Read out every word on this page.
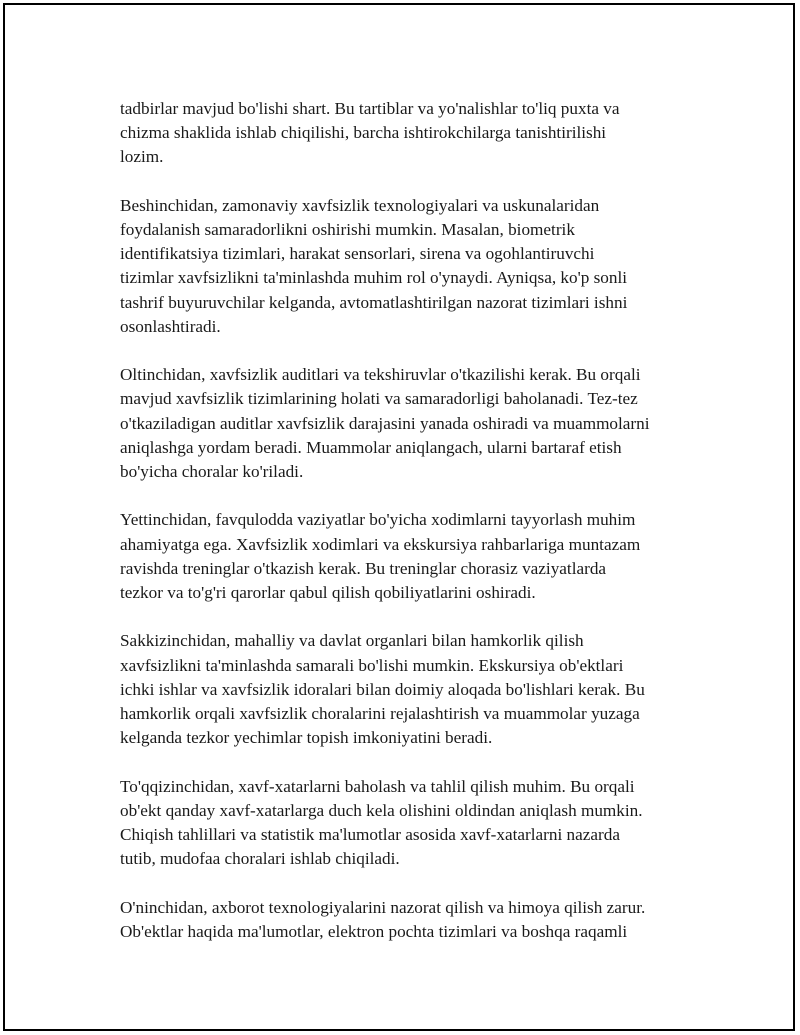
tadbirlar mavjud bo'lishi shart. Bu tartiblar va yo'nalishlar to'liq puxta va
chizma shaklida ishlab chiqilishi, barcha ishtirokchilarga tanishtirilishi
lozim.

Beshinchidan, zamonaviy xavfsizlik texnologiyalari va uskunalaridan
foydalanish samaradorlikni oshirishi mumkin. Masalan, biometrik
identifikatsiya tizimlari, harakat sensorlari, sirena va ogohlantiruvchi
tizimlar xavfsizlikni ta'minlashda muhim rol o'ynaydi. Ayniqsa, ko'p sonli
tashrif buyuruvchilar kelganda, avtomatlashtirilgan nazorat tizimlari ishni
osonlashtiradi.

Oltinchidan, xavfsizlik auditlari va tekshiruvlar o'tkazilishi kerak. Bu orqali
mavjud xavfsizlik tizimlarining holati va samaradorligi baholanadi. Tez-tez
o'tkaziladigan auditlar xavfsizlik darajasini yanada oshiradi va muammolarni
aniqlashga yordam beradi. Muammolar aniqlangach, ularni bartaraf etish
bo'yicha choralar ko'riladi.

Yettinchidan, favqulodda vaziyatlar bo'yicha xodimlarni tayyorlash muhim
ahamiyatga ega. Xavfsizlik xodimlari va ekskursiya rahbarlariga muntazam
ravishda treninglar o'tkazish kerak. Bu treninglar chorasiz vaziyatlarda
tezkor va to'g'ri qarorlar qabul qilish qobiliyatlarini oshiradi.

Sakkizinchidan, mahalliy va davlat organlari bilan hamkorlik qilish
xavfsizlikni ta'minlashda samarali bo'lishi mumkin. Ekskursiya ob'ektlari
ichki ishlar va xavfsizlik idoralari bilan doimiy aloqada bo'lishlari kerak. Bu
hamkorlik orqali xavfsizlik choralarini rejalashtirish va muammolar yuzaga
kelganda tezkor yechimlar topish imkoniyatini beradi.

To'qqizinchidan, xavf-xatarlarni baholash va tahlil qilish muhim. Bu orqali
ob'ekt qanday xavf-xatarlarga duch kela olishini oldindan aniqlash mumkin.
Chiqish tahlillari va statistik ma'lumotlar asosida xavf-xatarlarni nazarda
tutib, mudofaa choralari ishlab chiqiladi.

O'ninchidan, axborot texnologiyalarini nazorat qilish va himoya qilish zarur.
Ob'ektlar haqida ma'lumotlar, elektron pochta tizimlari va boshqa raqamli
